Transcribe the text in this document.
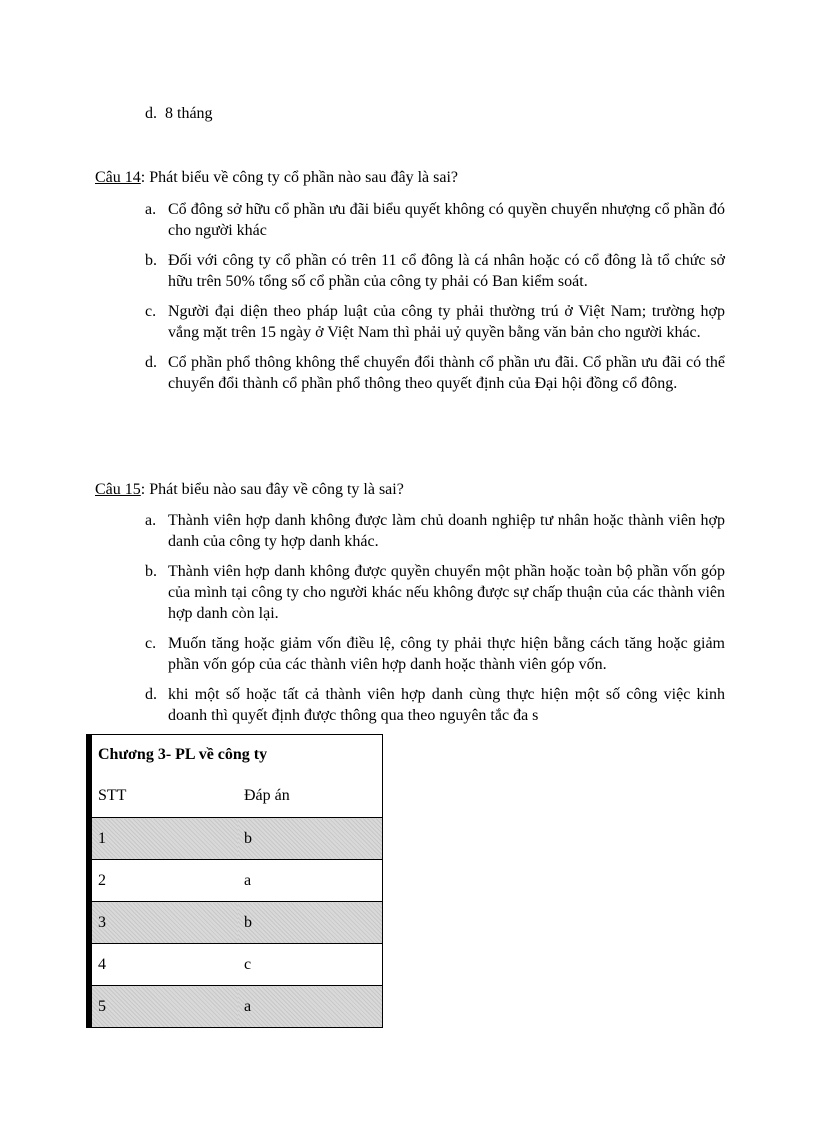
d. 8 tháng
Câu 14: Phát biểu về công ty cổ phần nào sau đây là sai?
a. Cổ đông sở hữu cổ phần ưu đãi biểu quyết không có quyền chuyển nhượng cổ phần đó cho người khác
b. Đối với công ty cổ phần có trên 11 cổ đông là cá nhân hoặc có cổ đông là tổ chức sở hữu trên 50% tổng số cổ phần của công ty phải có Ban kiểm soát.
c. Người đại diện theo pháp luật của công ty phải thường trú ở Việt Nam; trường hợp vắng mặt trên 15 ngày ở Việt Nam thì phải uỷ quyền bằng văn bản cho người khác.
d. Cổ phần phổ thông không thể chuyển đổi thành cổ phần ưu đãi. Cổ phần ưu đãi có thể chuyển đổi thành cổ phần phổ thông theo quyết định của Đại hội đồng cổ đông.
Câu 15: Phát biểu nào sau đây về công ty là sai?
a. Thành viên hợp danh không được làm chủ doanh nghiệp tư nhân hoặc thành viên hợp danh của công ty hợp danh khác.
b. Thành viên hợp danh không được quyền chuyển một phần hoặc toàn bộ phần vốn góp của mình tại công ty cho người khác nếu không được sự chấp thuận của các thành viên hợp danh còn lại.
c. Muốn tăng hoặc giảm vốn điều lệ, công ty phải thực hiện bằng cách tăng hoặc giảm phần vốn góp của các thành viên hợp danh hoặc thành viên góp vốn.
d. khi một số hoặc tất cả thành viên hợp danh cùng thực hiện một số công việc kinh doanh thì quyết định được thông qua theo nguyên tắc đa s
Chương 3- PL về công ty	
STT	Đáp án
1	b
2	a
3	b
4	c
5	a
